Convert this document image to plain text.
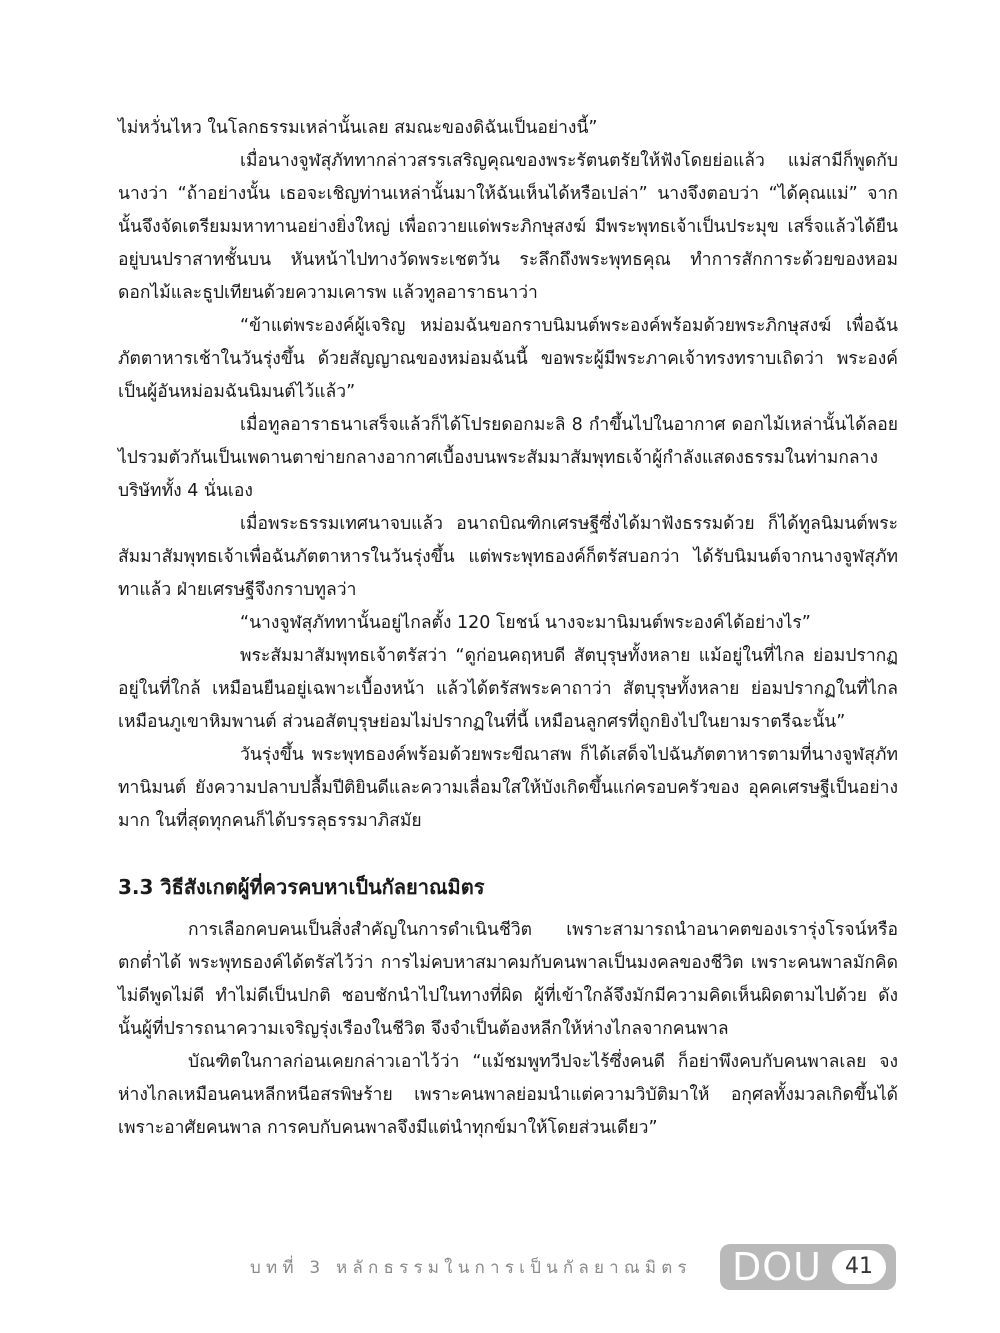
ไม่หวั่นไหว ในโลกธรรมเหล่านั้นเลย สมณะของดิฉันเป็นอย่างนี้”

เมื่อนางจูฬสุภัททากล่าวสรรเสริญคุณของพระรัตนตรัยให้ฟังโดยย่อแล้ว แม่สามีก็พูดกับนางว่า “ถ้าอย่างนั้น เธอจะเชิญท่านเหล่านั้นมาให้ฉันเห็นได้หรือเปล่า” นางจึงตอบว่า “ได้คุณแม่” จากนั้นจึงจัดเตรียมมหาทานอย่างยิ่งใหญ่ เพื่อถวายแด่พระภิกษุสงฆ์ มีพระพุทธเจ้าเป็นประมุข เสร็จแล้วได้ยืนอยู่บนปราสาทชั้นบน หันหน้าไปทางวัดพระเชตวัน ระลึกถึงพระพุทธคุณ ทำการสักการะด้วยของหอมดอกไม้และธูปเทียนด้วยความเคารพ แล้วทูลอาราธนาว่า

“ข้าแต่พระองค์ผู้เจริญ หม่อมฉันขอกราบนิมนต์พระองค์พร้อมด้วยพระภิกษุสงฆ์ เพื่อฉันภัตตาหารเช้าในวันรุ่งขึ้น ด้วยสัญญาณของหม่อมฉันนี้ ขอพระผู้มีพระภาคเจ้าทรงทราบเถิดว่า พระองค์เป็นผู้อันหม่อมฉันนิมนต์ไว้แล้ว”

เมื่อทูลอาราธนาเสร็จแล้วก็ได้โปรยดอกมะลิ 8 กำขึ้นไปในอากาศ ดอกไม้เหล่านั้นได้ลอยไปรวมตัวกันเป็นเพดานตาข่ายกลางอากาศเบื้องบนพระสัมมาสัมพุทธเจ้าผู้กำลังแสดงธรรมในท่ามกลางบริษัททั้ง 4 นั่นเอง

เมื่อพระธรรมเทศนาจบแล้ว อนาถบิณฑิกเศรษฐีซึ่งได้มาฟังธรรมด้วย ก็ได้ทูลนิมนต์พระสัมมาสัมพุทธเจ้าเพื่อฉันภัตตาหารในวันรุ่งขึ้น แต่พระพุทธองค์ก็ตรัสบอกว่า ได้รับนิมนต์จากนางจูฬสุภัททาแล้ว ฝ่ายเศรษฐีจึงกราบทูลว่า

“นางจูฬสุภัททานั้นอยู่ไกลตั้ง 120 โยชน์ นางจะมานิมนต์พระองค์ได้อย่างไร”

พระสัมมาสัมพุทธเจ้าตรัสว่า “ดูก่อนคฤหบดี สัตบุรุษทั้งหลาย แม้อยู่ในที่ไกล ย่อมปรากฏอยู่ในที่ใกล้ เหมือนยืนอยู่เฉพาะเบื้องหน้า แล้วได้ตรัสพระคาถาว่า สัตบุรุษทั้งหลาย ย่อมปรากฏในที่ไกลเหมือนภูเขาหิมพานต์ ส่วนอสัตบุรุษย่อมไม่ปรากฏในที่นี้ เหมือนลูกศรที่ถูกยิงไปในยามราตรีฉะนั้น”

วันรุ่งขึ้น พระพุทธองค์พร้อมด้วยพระขีณาสพ ก็ได้เสด็จไปฉันภัตตาหารตามที่นางจูฬสุภัททานิมนต์ ยังความปลาบปลื้มปีติยินดีและความเลื่อมใสให้บังเกิดขึ้นแก่ครอบครัวของ อุคคเศรษฐีเป็นอย่างมาก ในที่สุดทุกคนก็ได้บรรลุธรรมาภิสมัย

3.3 วิธีสังเกตผู้ที่ควรคบหาเป็นกัลยาณมิตร

การเลือกคบคนเป็นสิ่งสำคัญในการดำเนินชีวิต เพราะสามารถนำอนาคตของเรารุ่งโรจน์หรือตกต่ำได้ พระพุทธองค์ได้ตรัสไว้ว่า การไม่คบหาสมาคมกับคนพาลเป็นมงคลของชีวิต เพราะคนพาลมักคิดไม่ดีพูดไม่ดี ทำไม่ดีเป็นปกติ ชอบชักนำไปในทางที่ผิด ผู้ที่เข้าใกล้จึงมักมีความคิดเห็นผิดตามไปด้วย ดังนั้นผู้ที่ปรารถนาความเจริญรุ่งเรืองในชีวิต จึงจำเป็นต้องหลีกให้ห่างไกลจากคนพาล

บัณฑิตในกาลก่อนเคยกล่าวเอาไว้ว่า “แม้ชมพูทวีปจะไร้ซึ่งคนดี ก็อย่าพึงคบกับคนพาลเลย จงห่างไกลเหมือนคนหลีกหนีอสรพิษร้าย เพราะคนพาลย่อมนำแต่ความวิบัติมาให้ อกุศลทั้งมวลเกิดขึ้นได้เพราะอาศัยคนพาล การคบกับคนพาลจึงมีแต่นำทุกข์มาให้โดยส่วนเดียว”

บทที่ 3 หลักธรรมในการเป็นกัลยาณมิตร DOU	41
